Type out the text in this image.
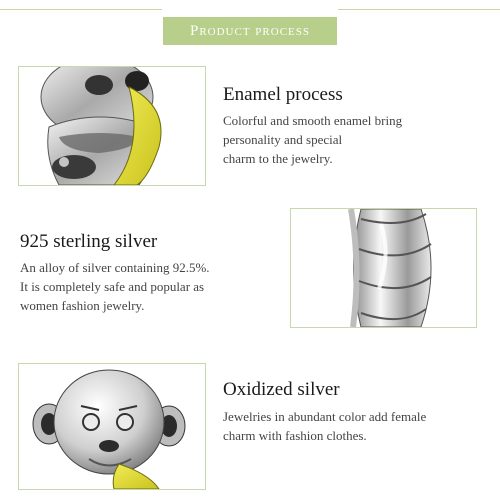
Product process
Enamel process
Colorful and smooth enamel bring
personality and special
charm to the jewelry.
925 sterling silver
An alloy of silver containing 92.5%.
It is completely safe and popular as
women fashion jewelry.
Oxidized silver
Jewelries in abundant color add female
charm with fashion clothes.
